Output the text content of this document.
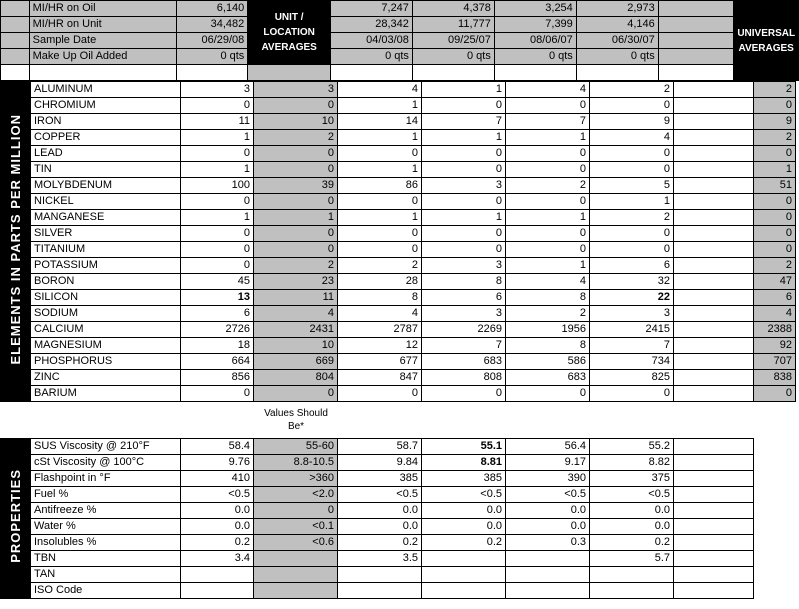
	MI/HR on Oil	6,140	UNIT / LOCATION AVERAGES	7,247	4,378	3,254	2,973		UNIVERSAL AVERAGES
	MI/HR on Unit	34,482		28,342	11,777	7,399	4,146		
	Sample Date	06/29/08		04/03/08	09/25/07	08/06/07	06/30/07		
	Make Up Oil Added	0 qts		0 qts	0 qts	0 qts	0 qts		

ELEMENTS IN PARTS PER MILLION	ALUMINUM	3	3	4	1	4	2		2
	CHROMIUM	0	0	1	0	0	0		0
	IRON	11	10	14	7	7	9		9
	COPPER	1	2	1	1	1	4		2
	LEAD	0	0	0	0	0	0		0
	TIN	1	0	1	0	0	0		1
	MOLYBDENUM	100	39	86	3	2	5		51
	NICKEL	0	0	0	0	0	1		0
	MANGANESE	1	1	1	1	1	2		0
	SILVER	0	0	0	0	0	0		0
	TITANIUM	0	0	0	0	0	0		0
	POTASSIUM	0	2	2	3	1	6		2
	BORON	45	23	28	8	4	32		47
	SILICON	13	11	8	6	8	22		6
	SODIUM	6	4	4	3	2	3		4
	CALCIUM	2726	2431	2787	2269	1956	2415		2388
	MAGNESIUM	18	10	12	7	8	7		92
	PHOSPHORUS	664	669	677	683	586	734		707
	ZINC	856	804	847	808	683	825		838
	BARIUM	0	0	0	0	0	0		0
Values Should Be*
PROPERTIES	SUS Viscosity @ 210°F	58.4	55-60	58.7	55.1	56.4	55.2	
	cSt Viscosity @ 100°C	9.76	8.8-10.5	9.84	8.81	9.17	8.82	
	Flashpoint in °F	410	>360	385	385	390	375	
	Fuel %	<0.5	<2.0	<0.5	<0.5	<0.5	<0.5	
	Antifreeze %	0.0	0	0.0	0.0	0.0	0.0	
	Water %	0.0	<0.1	0.0	0.0	0.0	0.0	
	Insolubles %	0.2	<0.6	0.2	0.2	0.3	0.2	
	TBN	3.4		3.5			5.7	
	TAN							
	ISO Code							
